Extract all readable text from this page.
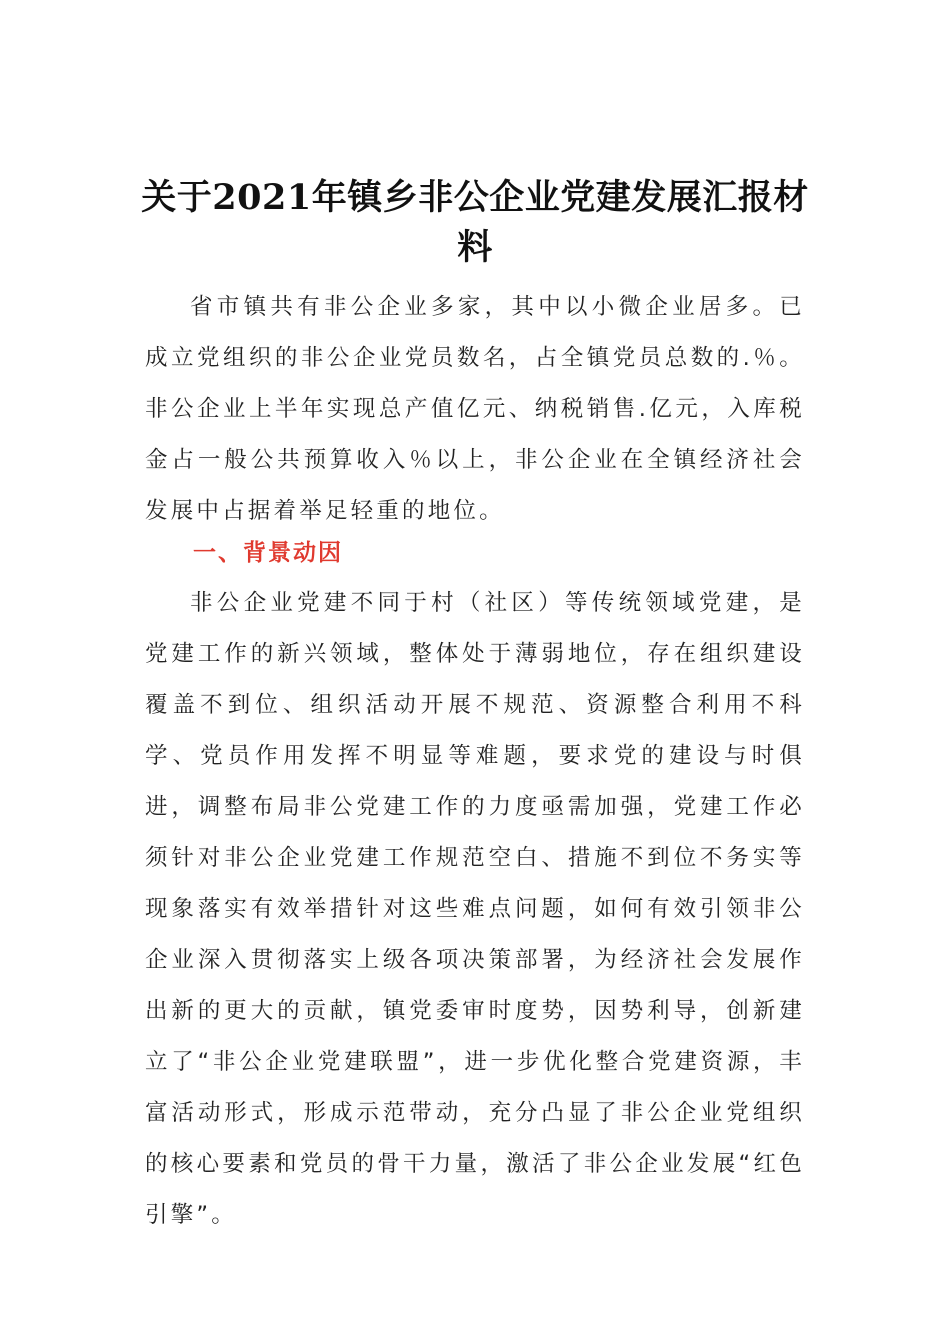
关于2021年镇乡非公企业党建发展汇报材料

省市镇共有非公企业多家，其中以小微企业居多。已成立党组织的非公企业党员数名，占全镇党员总数的.％。非公企业上半年实现总产值亿元、纳税销售.亿元，入库税金占一般公共预算收入％以上，非公企业在全镇经济社会发展中占据着举足轻重的地位。

一、背景动因

非公企业党建不同于村（社区）等传统领域党建，是党建工作的新兴领域，整体处于薄弱地位，存在组织建设覆盖不到位、组织活动开展不规范、资源整合利用不科学、党员作用发挥不明显等难题，要求党的建设与时俱进，调整布局非公党建工作的力度亟需加强，党建工作必须针对非公企业党建工作规范空白、措施不到位不务实等现象落实有效举措针对这些难点问题，如何有效引领非公企业深入贯彻落实上级各项决策部署，为经济社会发展作出新的更大的贡献，镇党委审时度势，因势利导，创新建立了“非公企业党建联盟”，进一步优化整合党建资源，丰富活动形式，形成示范带动，充分凸显了非公企业党组织的核心要素和党员的骨干力量，激活了非公企业发展“红色引擎”。
